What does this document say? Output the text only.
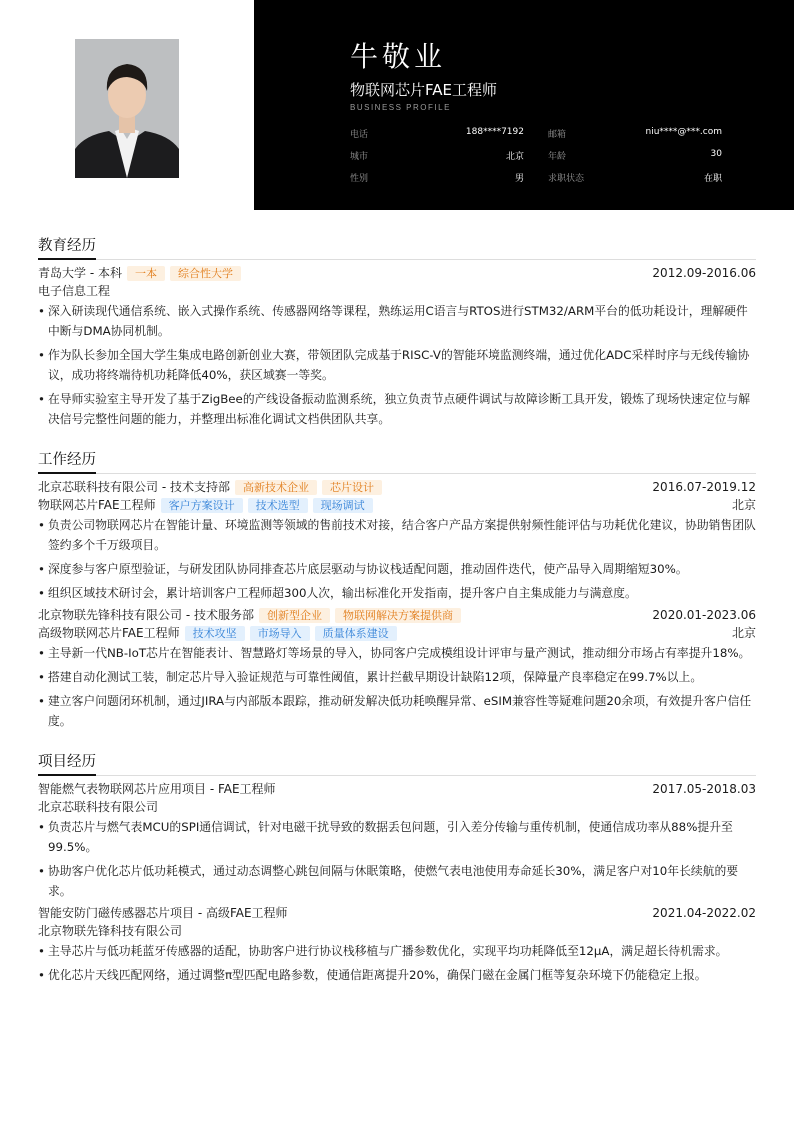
牛敬业
物联网芯片FAE工程师
BUSINESS PROFILE
电话	188****7192	邮箱	niu****@***.com
城市	北京	年龄	30
性别	男	求职状态	在职
教育经历
青岛大学 - 本科 一本 综合性大学	2012.09-2016.06
电子信息工程
• 深入研读现代通信系统、嵌入式操作系统、传感器网络等课程，熟练运用C语言与RTOS进行STM32/ARM平台的低功耗设计，理解硬件中断与DMA协同机制。
• 作为队长参加全国大学生集成电路创新创业大赛，带领团队完成基于RISC-V的智能环境监测终端，通过优化ADC采样时序与无线传输协议，成功将终端待机功耗降低40%，获区域赛一等奖。
• 在导师实验室主导开发了基于ZigBee的产线设备振动监测系统，独立负责节点硬件调试与故障诊断工具开发，锻炼了现场快速定位与解决信号完整性问题的能力，并整理出标准化调试文档供团队共享。
工作经历
北京芯联科技有限公司 - 技术支持部 高新技术企业 芯片设计	2016.07-2019.12
物联网芯片FAE工程师 客户方案设计 技术选型 现场调试	北京
• 负责公司物联网芯片在智能计量、环境监测等领域的售前技术对接，结合客户产品方案提供射频性能评估与功耗优化建议，协助销售团队签约多个千万级项目。
• 深度参与客户原型验证，与研发团队协同排查芯片底层驱动与协议栈适配问题，推动固件迭代，使产品导入周期缩短30%。
• 组织区域技术研讨会，累计培训客户工程师超300人次，输出标准化开发指南，提升客户自主集成能力与满意度。
北京物联先锋科技有限公司 - 技术服务部 创新型企业 物联网解决方案提供商	2020.01-2023.06
高级物联网芯片FAE工程师 技术攻坚 市场导入 质量体系建设	北京
• 主导新一代NB-IoT芯片在智能表计、智慧路灯等场景的导入，协同客户完成模组设计评审与量产测试，推动细分市场占有率提升18%。
• 搭建自动化测试工装，制定芯片导入验证规范与可靠性阈值，累计拦截早期设计缺陷12项，保障量产良率稳定在99.7%以上。
• 建立客户问题闭环机制，通过JIRA与内部版本跟踪，推动研发解决低功耗唤醒异常、eSIM兼容性等疑难问题20余项，有效提升客户信任度。
项目经历
智能燃气表物联网芯片应用项目 - FAE工程师	2017.05-2018.03
北京芯联科技有限公司
• 负责芯片与燃气表MCU的SPI通信调试，针对电磁干扰导致的数据丢包问题，引入差分传输与重传机制，使通信成功率从88%提升至99.5%。
• 协助客户优化芯片低功耗模式，通过动态调整心跳包间隔与休眠策略，使燃气表电池使用寿命延长30%，满足客户对10年长续航的要求。
智能安防门磁传感器芯片项目 - 高级FAE工程师	2021.04-2022.02
北京物联先锋科技有限公司
• 主导芯片与低功耗蓝牙传感器的适配，协助客户进行协议栈移植与广播参数优化，实现平均功耗降低至12μA，满足超长待机需求。
• 优化芯片天线匹配网络，通过调整π型匹配电路参数，使通信距离提升20%，确保门磁在金属门框等复杂环境下仍能稳定上报。
